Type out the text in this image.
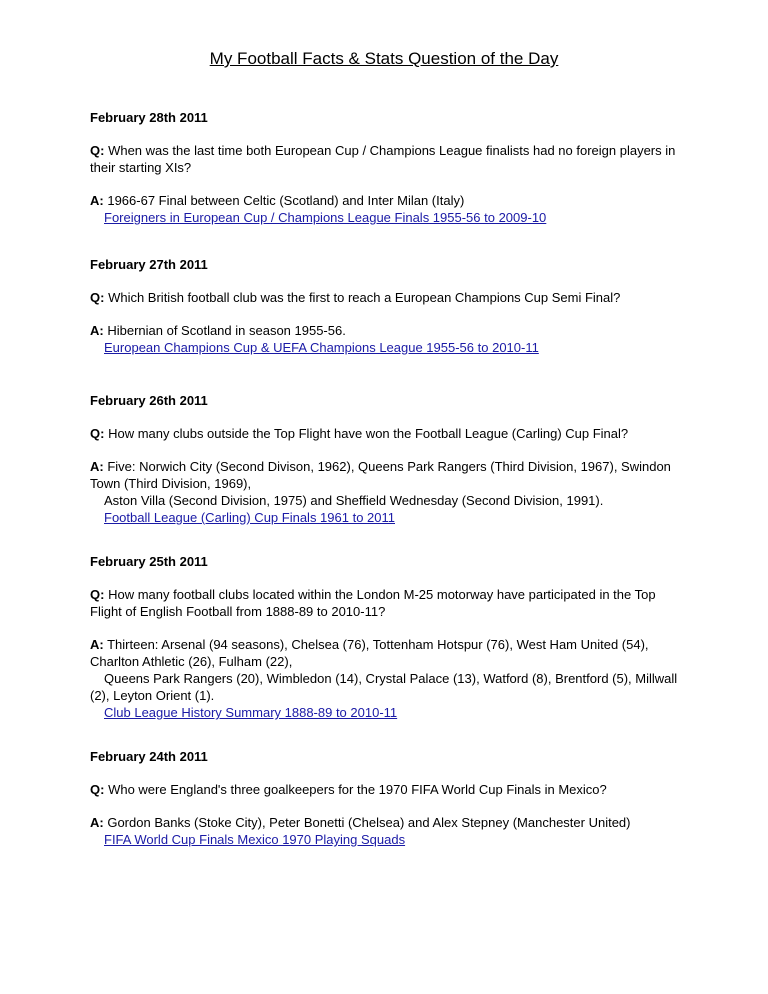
My Football Facts & Stats Question of the Day

February 28th 2011

Q: When was the last time both European Cup / Champions League finalists had no foreign players in their starting XIs?

A: 1966-67 Final between Celtic (Scotland) and Inter Milan (Italy)
Foreigners in European Cup / Champions League Finals 1955-56 to 2009-10

February 27th 2011

Q: Which British football club was the first to reach a European Champions Cup Semi Final?

A: Hibernian of Scotland in season 1955-56.
European Champions Cup & UEFA Champions League 1955-56 to 2010-11

February 26th 2011

Q: How many clubs outside the Top Flight have won the Football League (Carling) Cup Final?

A: Five: Norwich City (Second Divison, 1962), Queens Park Rangers (Third Division, 1967), Swindon Town (Third Division, 1969),
Aston Villa (Second Division, 1975) and Sheffield Wednesday (Second Division, 1991).
Football League (Carling) Cup Finals 1961 to 2011

February 25th 2011

Q: How many football clubs located within the London M-25 motorway have participated in the Top Flight of English Football from 1888-89 to 2010-11?

A: Thirteen: Arsenal (94 seasons), Chelsea (76), Tottenham Hotspur (76), West Ham United (54), Charlton Athletic (26), Fulham (22),
Queens Park Rangers (20), Wimbledon (14), Crystal Palace (13), Watford (8), Brentford (5), Millwall (2), Leyton Orient (1).
Club League History Summary 1888-89 to 2010-11

February 24th 2011

Q: Who were England's three goalkeepers for the 1970 FIFA World Cup Finals in Mexico?

A: Gordon Banks (Stoke City), Peter Bonetti (Chelsea) and Alex Stepney (Manchester United)
FIFA World Cup Finals Mexico 1970 Playing Squads
